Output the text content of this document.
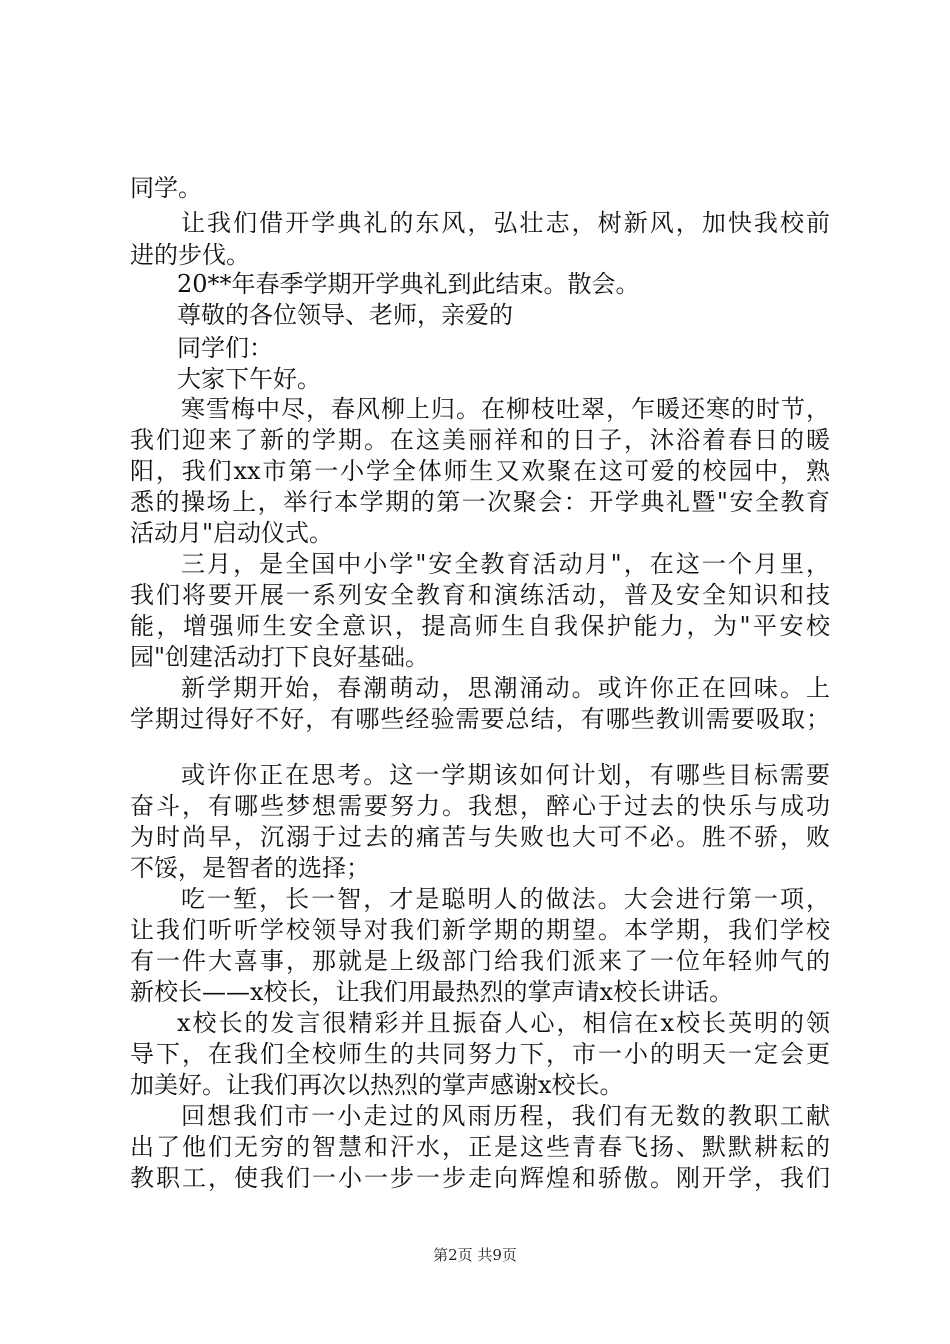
同学。
让我们借开学典礼的东风，弘壮志，树新风，加快我校前
进的步伐。
20**年春季学期开学典礼到此结束。散会。
尊敬的各位领导、老师，亲爱的
同学们：
大家下午好。
寒雪梅中尽，春风柳上归。在柳枝吐翠，乍暖还寒的时节，
我们迎来了新的学期。在这美丽祥和的日子，沐浴着春日的暖
阳，我们xx市第一小学全体师生又欢聚在这可爱的校园中，熟
悉的操场上，举行本学期的第一次聚会：开学典礼暨"安全教育
活动月"启动仪式。
三月，是全国中小学"安全教育活动月"，在这一个月里，
我们将要开展一系列安全教育和演练活动，普及安全知识和技
能，增强师生安全意识，提高师生自我保护能力，为"平安校
园"创建活动打下良好基础。
新学期开始，春潮萌动，思潮涌动。或许你正在回味。上
学期过得好不好，有哪些经验需要总结，有哪些教训需要吸取；
或许你正在思考。这一学期该如何计划，有哪些目标需要
奋斗，有哪些梦想需要努力。我想，醉心于过去的快乐与成功
为时尚早，沉溺于过去的痛苦与失败也大可不必。胜不骄，败
不馁，是智者的选择；
吃一堑，长一智，才是聪明人的做法。大会进行第一项，
让我们听听学校领导对我们新学期的期望。本学期，我们学校
有一件大喜事，那就是上级部门给我们派来了一位年轻帅气的
新校长——x校长，让我们用最热烈的掌声请x校长讲话。
x校长的发言很精彩并且振奋人心，相信在x校长英明的领
导下，在我们全校师生的共同努力下，市一小的明天一定会更
加美好。让我们再次以热烈的掌声感谢x校长。
回想我们市一小走过的风雨历程，我们有无数的教职工献
出了他们无穷的智慧和汗水，正是这些青春飞扬、默默耕耘的
教职工，使我们一小一步一步走向辉煌和骄傲。刚开学，我们
第2页 共9页
